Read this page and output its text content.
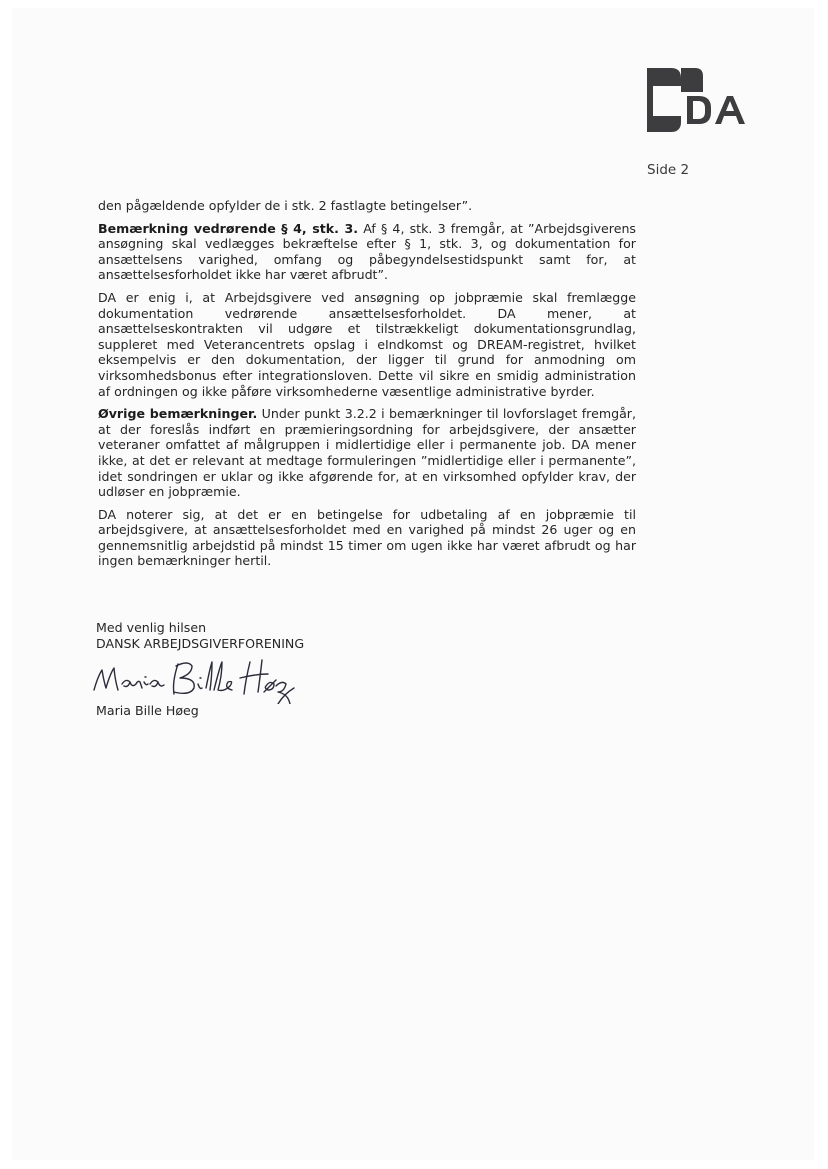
Side 2

den pågældende opfylder de i stk. 2 fastlagte betingelser”.

Bemærkning vedrørende § 4, stk. 3. Af § 4, stk. 3 fremgår, at ”Arbejdsgiverens ansøgning skal vedlægges bekræftelse efter § 1, stk. 3, og dokumentation for ansættelsens varighed, omfang og påbegyndelsestidspunkt samt for, at ansættelsesforholdet ikke har været afbrudt”.

DA er enig i, at Arbejdsgivere ved ansøgning op jobpræmie skal fremlægge dokumentation vedrørende ansættelsesforholdet. DA mener, at ansættelseskontrakten vil udgøre et tilstrækkeligt dokumentationsgrundlag, suppleret med Veterancentrets opslag i eIndkomst og DREAM-registret, hvilket eksempelvis er den dokumentation, der ligger til grund for anmodning om virksomhedsbonus efter integrationsloven. Dette vil sikre en smidig administration af ordningen og ikke påføre virksomhederne væsentlige administrative byrder.

Øvrige bemærkninger. Under punkt 3.2.2 i bemærkninger til lovforslaget fremgår, at der foreslås indført en præmieringsordning for arbejdsgivere, der ansætter veteraner omfattet af målgruppen i midlertidige eller i permanente job. DA mener ikke, at det er relevant at medtage formuleringen ”midlertidige eller i permanente”, idet sondringen er uklar og ikke afgørende for, at en virksomhed opfylder krav, der udløser en jobpræmie.

DA noterer sig, at det er en betingelse for udbetaling af en jobpræmie til arbejdsgivere, at ansættelsesforholdet med en varighed på mindst 26 uger og en gennemsnitlig arbejdstid på mindst 15 timer om ugen ikke har været afbrudt og har ingen bemærkninger hertil.

Med venlig hilsen
DANSK ARBEJDSGIVERFORENING
Maria Bille Høeg
